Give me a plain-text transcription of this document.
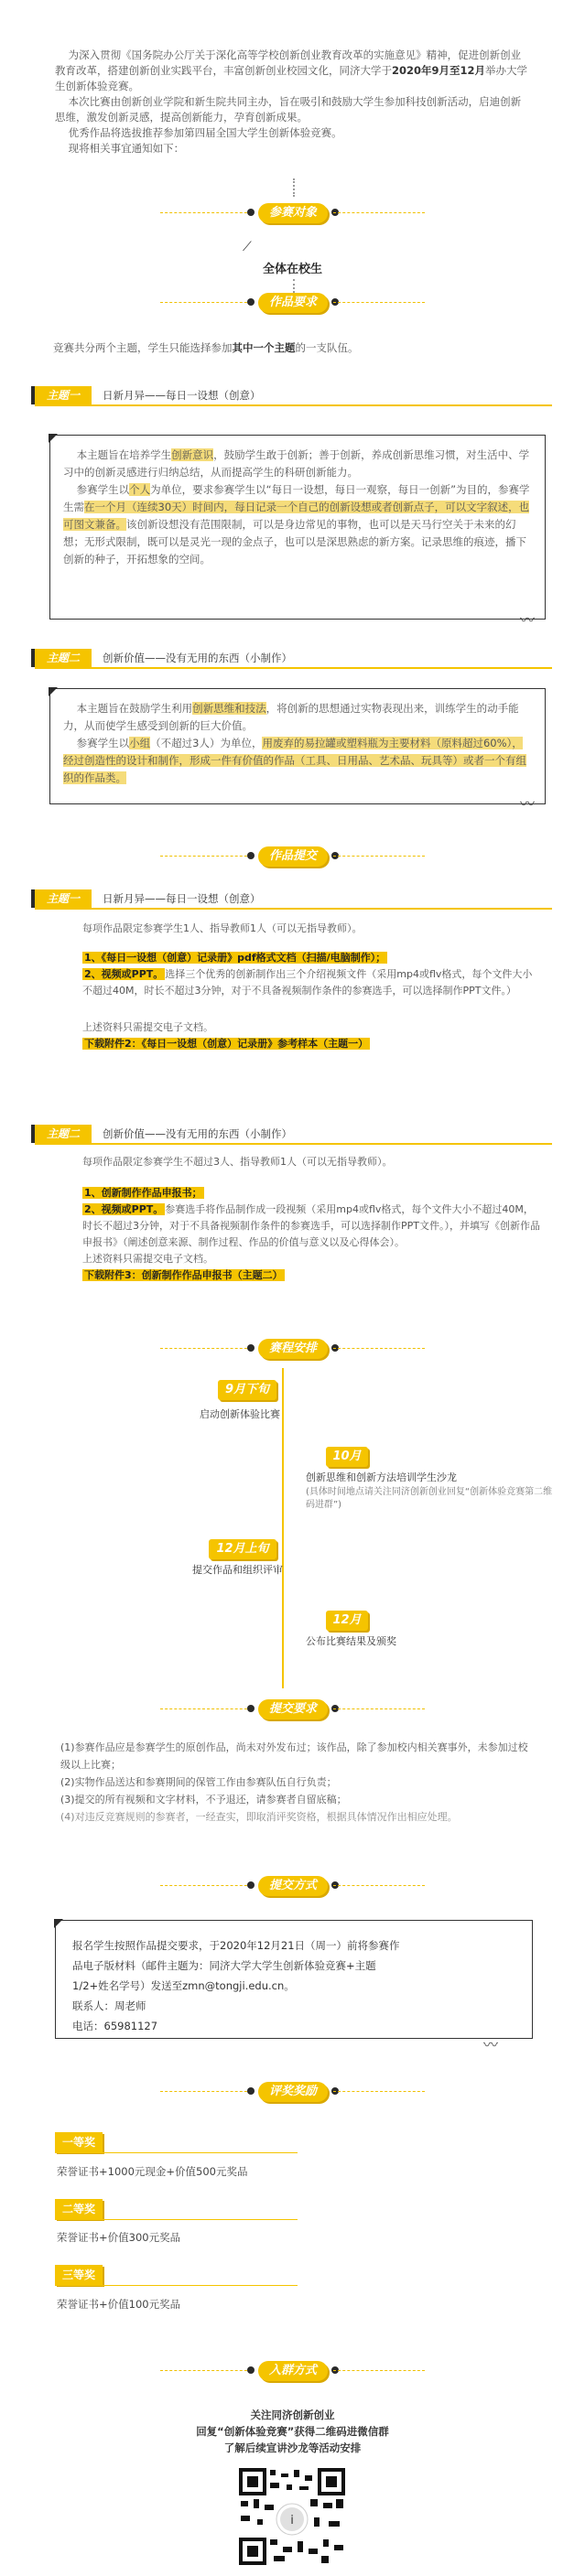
为深入贯彻《国务院办公厅关于深化高等学校创新创业教育改革的实施意见》精神，促进创新创业教育改革，搭建创新创业实践平台，丰富创新创业校园文化，同济大学于2020年9月至12月举办大学生创新体验竞赛。
本次比赛由创新创业学院和新生院共同主办，旨在吸引和鼓励大学生参加科技创新活动，启迪创新思维，激发创新灵感，提高创新能力，孕育创新成果。
优秀作品将选拔推荐参加第四届全国大学生创新体验竞赛。
现将相关事宜通知如下：
参赛对象
⟋
全体在校生
作品要求
竞赛共分两个主题，学生只能选择参加其中一个主题的一支队伍。
主题一	日新月异——每日一设想（创意）
本主题旨在培养学生创新意识，鼓励学生敢于创新；善于创新，养成创新思维习惯，对生活中、学习中的创新灵感进行归纳总结，从而提高学生的科研创新能力。
参赛学生以个人为单位，要求参赛学生以“每日一设想，每日一观察，每日一创新”为目的，参赛学生需在一个月（连续30天）时间内，每日记录一个自己的创新设想或者创新点子，可以文字叙述，也可图文兼备。该创新设想没有范围限制，可以是身边常见的事物，也可以是天马行空关于未来的幻想；无形式限制，既可以是灵光一现的金点子，也可以是深思熟虑的新方案。记录思维的痕迹，播下创新的种子，开拓想象的空间。
〰
主题二	创新价值——没有无用的东西（小制作）
本主题旨在鼓励学生利用创新思维和技法，将创新的思想通过实物表现出来，训练学生的动手能力，从而使学生感受到创新的巨大价值。
参赛学生以小组（不超过3人）为单位，用废弃的易拉罐或塑料瓶为主要材料（原料超过60%），经过创造性的设计和制作，形成一件有价值的作品（工具、日用品、艺术品、玩具等）或者一个有组织的作品类。
〰
作品提交
主题一	日新月异——每日一设想（创意）
每项作品限定参赛学生1人、指导教师1人（可以无指导教师）。
1、《每日一设想（创意）记录册》pdf格式文档（扫描/电脑制作）；
2、视频或PPT。 选择三个优秀的创新制作出三个介绍视频文件（采用mp4或flv格式，每个文件大小不超过40M，时长不超过3分钟，对于不具备视频制作条件的参赛选手，可以选择制作PPT文件。）
上述资料只需提交电子文档。
下载附件2：《每日一设想（创意）记录册》参考样本（主题一）
主题二	创新价值——没有无用的东西（小制作）
每项作品限定参赛学生不超过3人、指导教师1人（可以无指导教师）。
1、创新制作作品申报书；
2、视频或PPT。 参赛选手将作品制作成一段视频（采用mp4或flv格式，每个文件大小不超过40M，时长不超过3分钟，对于不具备视频制作条件的参赛选手，可以选择制作PPT文件。），并填写《创新作品申报书》（阐述创意来源、制作过程、作品的价值与意义以及心得体会）。
上述资料只需提交电子文档。
下载附件3：创新制作作品申报书（主题二）
赛程安排
9月下旬
启动创新体验比赛
10月
创新思维和创新方法培训学生沙龙
(具体时间地点请关注同济创新创业回复“创新体验竞赛第二维码进群”)
12月上旬
提交作品和组织评审
12月
公布比赛结果及颁奖
提交要求
(1)参赛作品应是参赛学生的原创作品，尚未对外发布过；该作品，除了参加校内相关赛事外，未参加过校级以上比赛；
(2)实物作品送达和参赛期间的保管工作由参赛队伍自行负责；
(3)提交的所有视频和文字材料，不予退还，请参赛者自留底稿；
(4)对违反竞赛规则的参赛者，一经查实，即取消评奖资格，根据具体情况作出相应处理。
提交方式
报名学生按照作品提交要求，于2020年12月21日（周一）前将参赛作
品电子版材料（邮件主题为：同济大学大学生创新体验竞赛+主题
1/2+姓名学号）发送至zmn@tongji.edu.cn。
联系人：周老师
电话：65981127
〰
评奖奖励
一等奖
荣誉证书+1000元现金+价值500元奖品
二等奖
荣誉证书+价值300元奖品
三等奖
荣誉证书+价值100元奖品
入群方式
关注同济创新创业
回复“创新体验竞赛”获得二维码进微信群
了解后续宣讲沙龙等活动安排
i
